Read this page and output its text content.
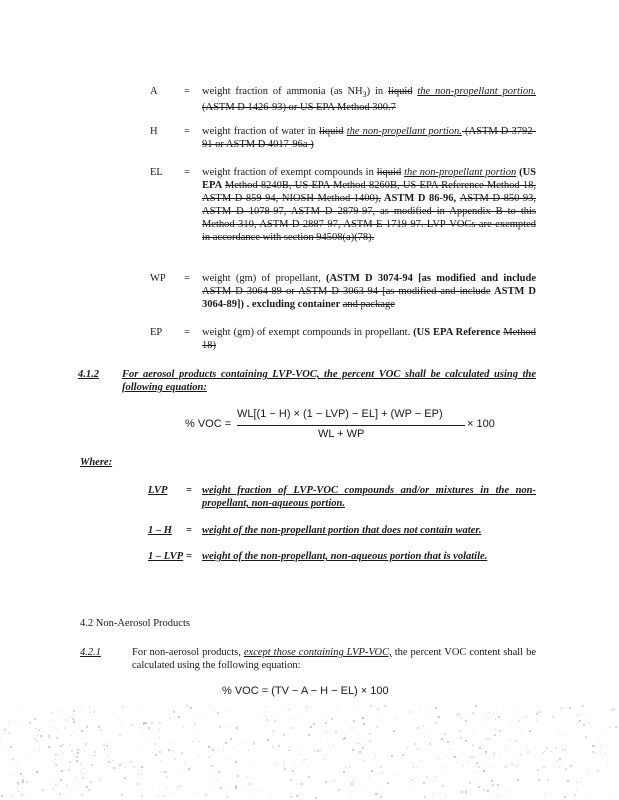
A	= weight fraction of ammonia (as $NH_3$) in liquid the non-propellant portion. (ASTM D 1426-93) or US EPA Method 300.7
H	= weight fraction of water in liquid the non-propellant portion. (ASTM D 3792-91 or ASTM D 4017-96a )
EL = weight fraction of exempt compounds in liquid the non-propellant portion (US EPA Method 8240B, US EPA Method 8260B, US EPA Reference Method 18, ASTM D 859-94, NIOSH Method 1400), ASTM D 86-96, ASTM D 850-93, ASTM D 1078-97, ASTM D 2879-97, as modified in Appendix B to this Method 310, ASTM D 2887-97, ASTM E 1719-97. LVP-VOCs are exempted in accordance with section 94508(a)(78).
WP = weight (gm) of propellant, (ASTM D 3074-94 [as modified and include ASTM D 3064-89 or ASTM D 3063-94 [as modified and include ASTM D 3064-89]) . excluding container and package
EP = weight (gm) of exempt compounds in propellant. (US EPA Reference Method 18)
4.1.2 For aerosol products containing LVP-VOC, the percent VOC shall be calculated using the following equation:
% VOC =
WL[(1 − H) × (1 − LVP) − EL] + (WP − EP)
WL + WP
× 100
Where:
LVP = weight fraction of LVP-VOC compounds and/or mixtures in the non-propellant, non-aqueous portion.
1 – H = weight of the non-propellant portion that does not contain water.
1 – LVP = weight of the non-propellant, non-aqueous portion that is volatile.
4.2 Non-Aerosol Products
4.2.1	For non-aerosol products, except those containing LVP-VOC, the percent VOC content shall be calculated using the following equation:
% VOC = (TV − A − H − EL) × 100
